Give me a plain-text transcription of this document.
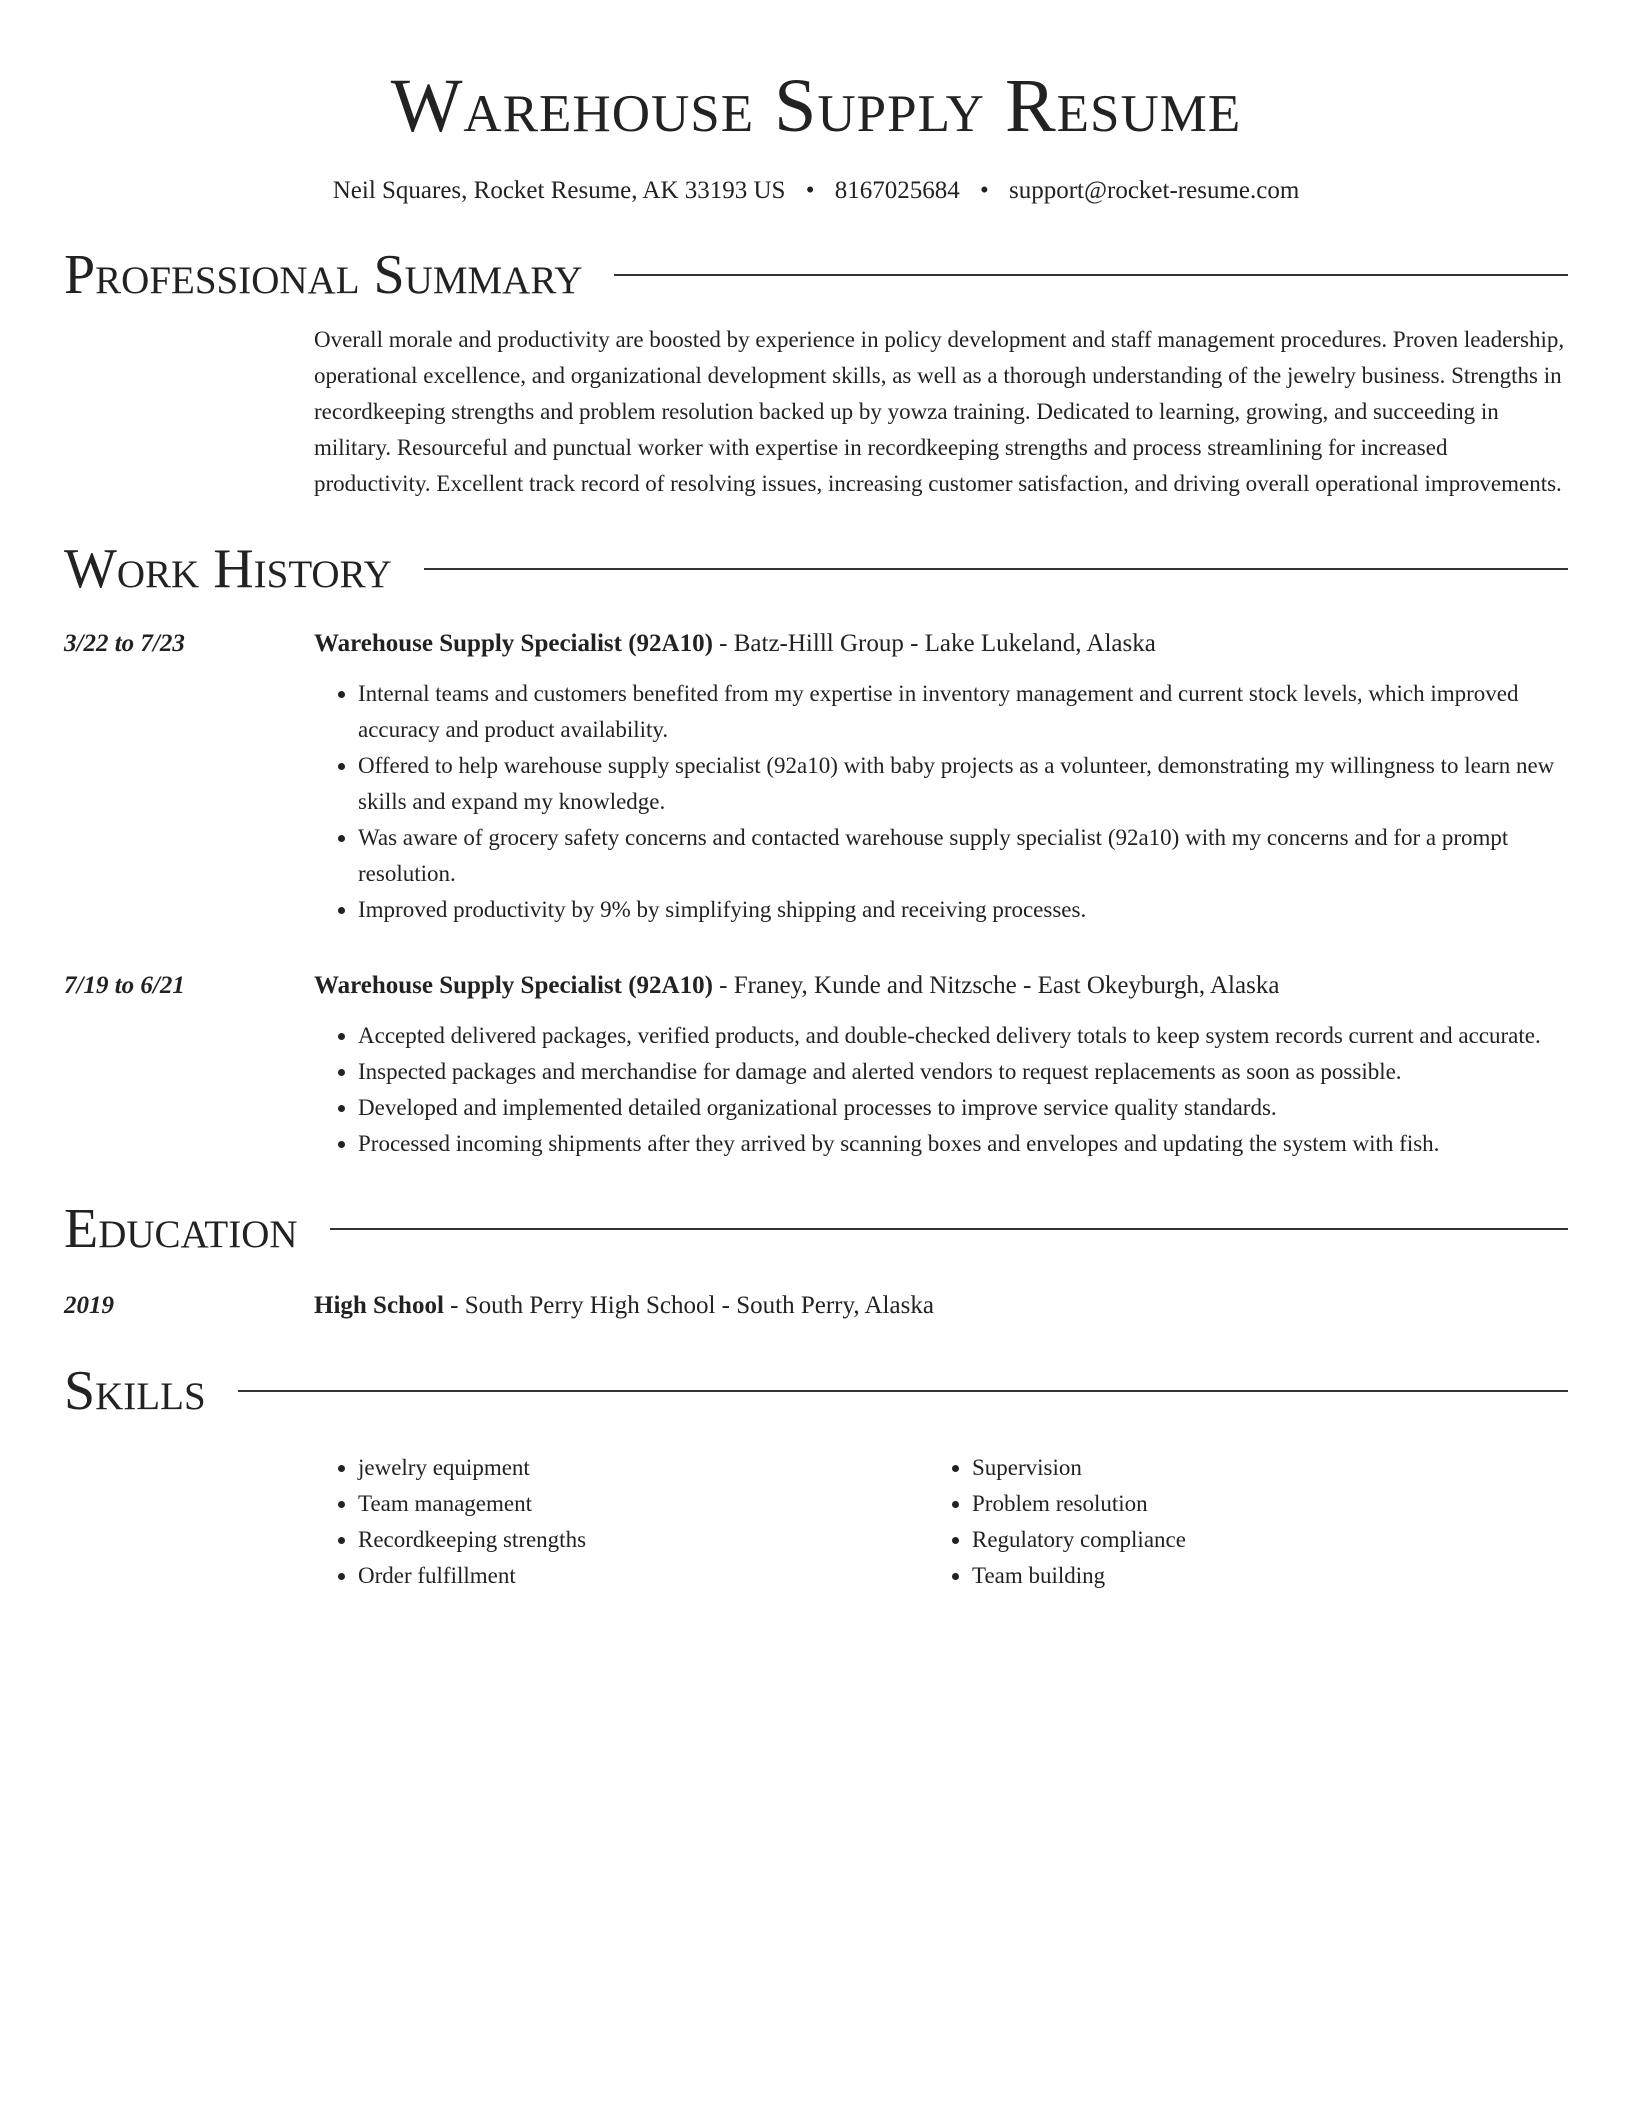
Warehouse Supply Resume
Neil Squares, Rocket Resume, AK 33193 US • 8167025684 • support@rocket-resume.com
Professional Summary

Overall morale and productivity are boosted by experience in policy development and staff management procedures. Proven leadership, operational excellence, and organizational development skills, as well as a thorough understanding of the jewelry business. Strengths in recordkeeping strengths and problem resolution backed up by yowza training. Dedicated to learning, growing, and succeeding in military. Resourceful and punctual worker with expertise in recordkeeping strengths and process streamlining for increased productivity. Excellent track record of resolving issues, increasing customer satisfaction, and driving overall operational improvements.

Work History
3/22 to 7/23	Warehouse Supply Specialist (92A10) - Batz-Hilll Group - Lake Lukeland, Alaska
• Internal teams and customers benefited from my expertise in inventory management and current stock levels, which improved accuracy and product availability.
• Offered to help warehouse supply specialist (92a10) with baby projects as a volunteer, demonstrating my willingness to learn new skills and expand my knowledge.
• Was aware of grocery safety concerns and contacted warehouse supply specialist (92a10) with my concerns and for a prompt resolution.
• Improved productivity by 9% by simplifying shipping and receiving processes.
7/19 to 6/21	Warehouse Supply Specialist (92A10) - Franey, Kunde and Nitzsche - East Okeyburgh, Alaska
• Accepted delivered packages, verified products, and double-checked delivery totals to keep system records current and accurate.
• Inspected packages and merchandise for damage and alerted vendors to request replacements as soon as possible.
• Developed and implemented detailed organizational processes to improve service quality standards.
• Processed incoming shipments after they arrived by scanning boxes and envelopes and updating the system with fish.
Education
2019	High School - South Perry High School - South Perry, Alaska
Skills
• jewelry equipment
• Team management
• Recordkeeping strengths
• Order fulfillment
• Supervision
• Problem resolution
• Regulatory compliance
• Team building
